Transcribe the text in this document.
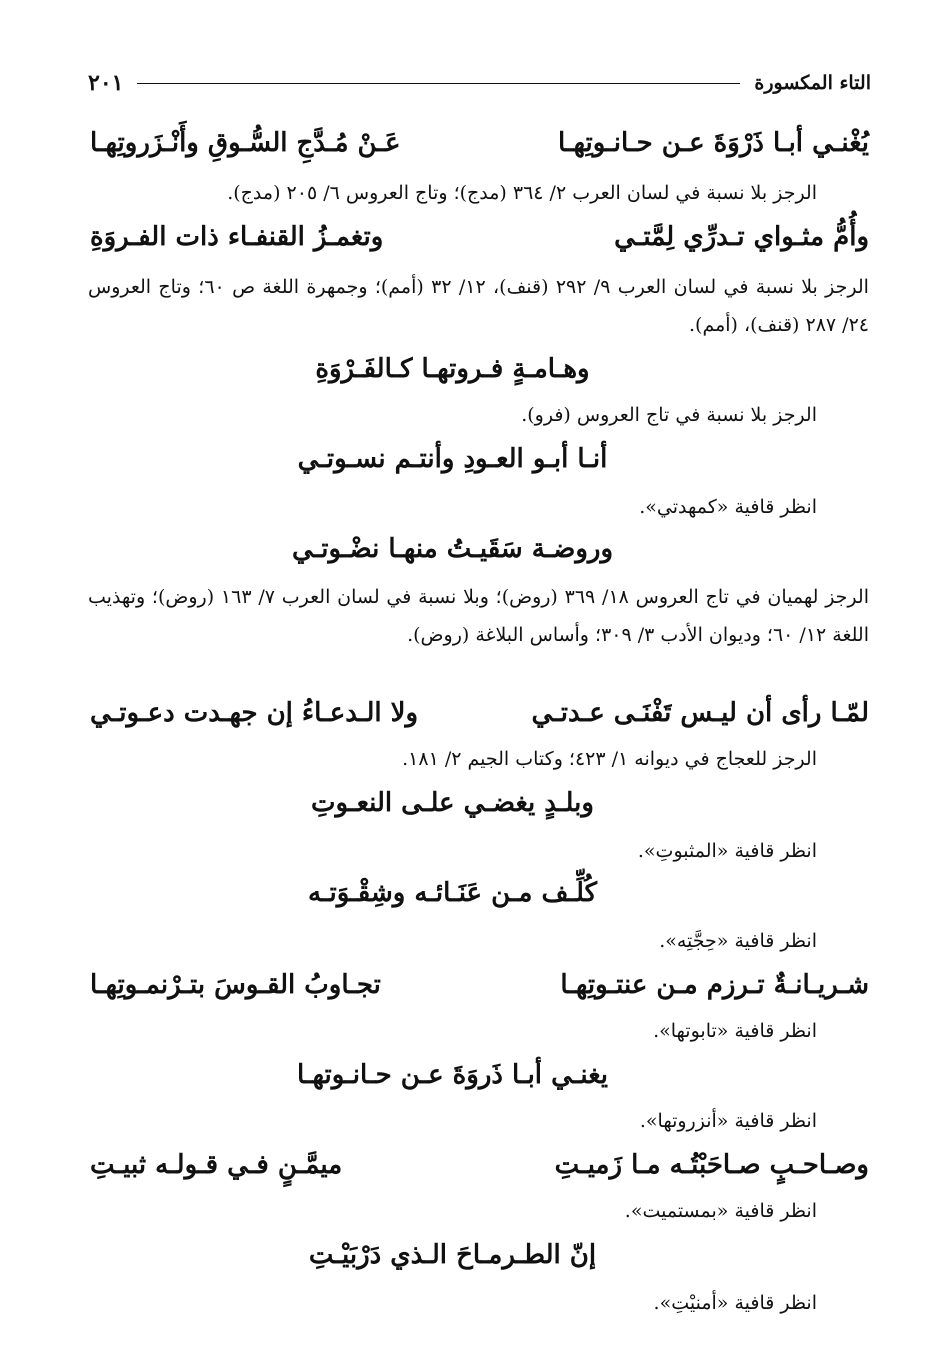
التاء المكسورة
٢٠١
يُغْنـي أبـا ذَرْوَةَ عـن حـانـوتِهـا
عَـنْ مُـدَّجِ السُّـوقِ وأَنْـزَروتِهـا
الرجز بلا نسبة في لسان العرب ٢/ ٣٦٤ (مدج)؛ وتاج العروس ٦/ ٢٠٥ (مدج).
وأُمُّ مثـواي تـدرِّي لِمَّتـي
وتغمـزُ القنفـاء ذات الفـروَةِ
الرجز بلا نسبة في لسان العرب ٩/ ٢٩٢ (قنف)، ١٢/ ٣٢ (أمم)؛ وجمهرة اللغة ص ٦٠؛ وتاج العروس ٢٤/ ٢٨٧ (قنف)، (أمم).
وهـامـةٍ فـروتهـا كـالفَـرْوَةِ
الرجز بلا نسبة في تاج العروس (فرو).
أنـا أبـو العـودِ وأنتـم نسـوتـي
انظر قافية «كمهدتي».
وروضـة سَقَيـتُ منهـا نضْـوتـي
الرجز لهميان في تاج العروس ١٨/ ٣٦٩ (روض)؛ وبلا نسبة في لسان العرب ٧/ ١٦٣ (روض)؛ وتهذيب اللغة ١٢/ ٦٠؛ وديوان الأدب ٣/ ٣٠٩؛ وأساس البلاغة (روض).
لمّـا رأى أن ليـس تَفْنَـى عـدتـي
ولا الـدعـاءُ إن جهـدت دعـوتـي
الرجز للعجاج في ديوانه ١/ ٤٢٣؛ وكتاب الجيم ٢/ ١٨١.
وبلـدٍ يغضـي علـى النعـوتِ
انظر قافية «المثبوتِ».
كُلِّـف مـن عَنَـائـه وشِقْـوَتـه
انظر قافية «حِجَّتِه».
شـريـانـةٌ تـرزم مـن عنتـوتِهـا
تجـاوبُ القـوسَ بتـرْنمـوتِهـا
انظر قافية «تابوتها».
يغنـي أبـا ذَروَةَ عـن حـانـوتهـا
انظر قافية «أنزروتها».
وصـاحـبٍ صـاحَبْتُـه مـا زَميـتِ
ميمَّـنٍ فـي قـولـه ثبيـتِ
انظر قافية «بمستميت».
إنّ الطـرمـاحَ الـذي دَرْبَيْـتِ
انظر قافية «أمنيْتِ».
